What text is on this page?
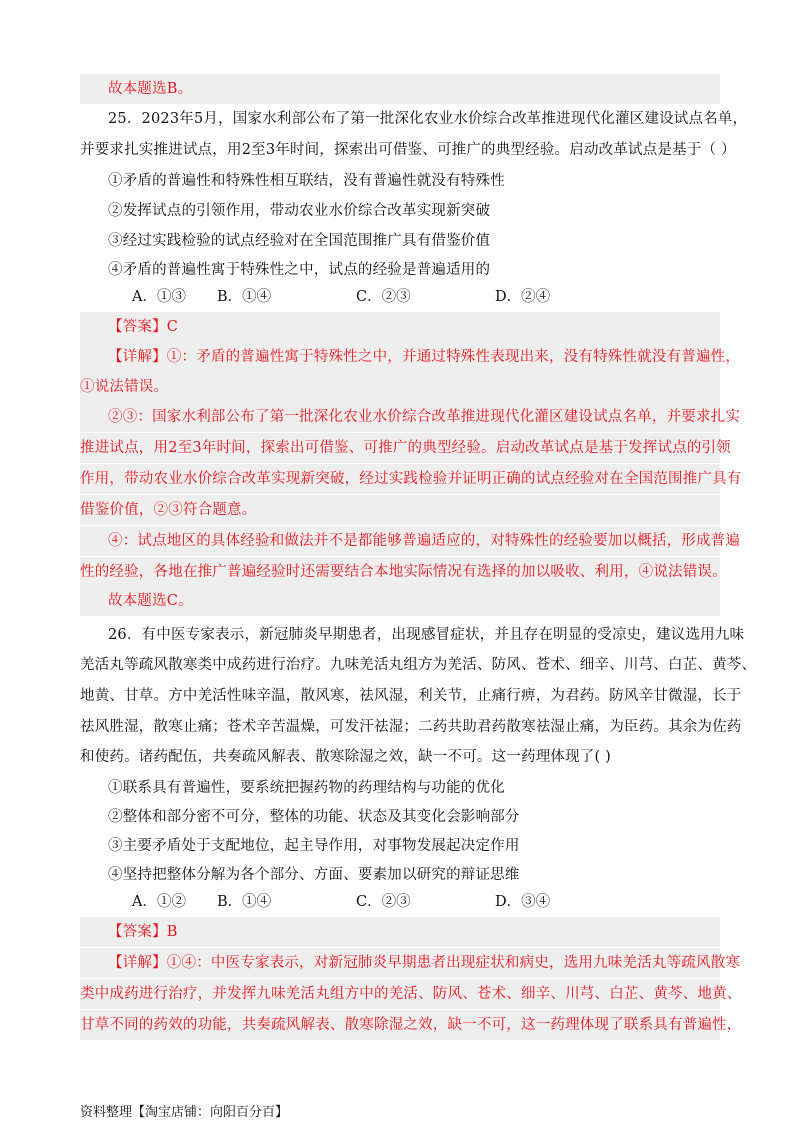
故本题选B。
25．2023年5月，国家水利部公布了第一批深化农业水价综合改革推进现代化灌区建设试点名单，
并要求扎实推进试点，用2至3年时间，探索出可借鉴、可推广的典型经验。启动改革试点是基于（ ）
①矛盾的普遍性和特殊性相互联结，没有普遍性就没有特殊性
②发挥试点的引领作用，带动农业水价综合改革实现新突破
③经过实践检验的试点经验对在全国范围推广具有借鉴价值
④矛盾的普遍性寓于特殊性之中，试点的经验是普遍适用的
A．①③ B．①④	C．②③	D．②④
【答案】C
【详解】①：矛盾的普遍性寓于特殊性之中，并通过特殊性表现出来，没有特殊性就没有普遍性，
①说法错误。
②③：国家水利部公布了第一批深化农业水价综合改革推进现代化灌区建设试点名单，并要求扎实
推进试点，用2至3年时间，探索出可借鉴、可推广的典型经验。启动改革试点是基于发挥试点的引领
作用，带动农业水价综合改革实现新突破，经过实践检验并证明正确的试点经验对在全国范围推广具有
借鉴价值，②③符合题意。
④：试点地区的具体经验和做法并不是都能够普遍适应的，对特殊性的经验要加以概括，形成普遍
性的经验，各地在推广普遍经验时还需要结合本地实际情况有选择的加以吸收、利用，④说法错误。
故本题选C。
26．有中医专家表示，新冠肺炎早期患者，出现感冒症状，并且存在明显的受凉史，建议选用九味
羌活丸等疏风散寒类中成药进行治疗。九味羌活丸组方为羌活、防风、苍术、细辛、川芎、白芷、黄芩、
地黄、甘草。方中羌活性味辛温，散风寒，祛风湿，利关节，止痛行痹，为君药。防风辛甘微湿，长于
祛风胜湿，散寒止痛；苍术辛苦温燥，可发汗祛湿；二药共助君药散寒祛湿止痛，为臣药。其余为佐药
和使药。诸药配伍，共奏疏风解表、散寒除湿之效，缺一不可。这一药理体现了( )
①联系具有普遍性，要系统把握药物的药理结构与功能的优化
②整体和部分密不可分，整体的功能、状态及其变化会影响部分
③主要矛盾处于支配地位，起主导作用，对事物发展起决定作用
④坚持把整体分解为各个部分、方面、要素加以研究的辩证思维
A．①② B．①④	C．②③	D．③④
【答案】B
【详解】①④：中医专家表示，对新冠肺炎早期患者出现症状和病史，选用九味羌活丸等疏风散寒
类中成药进行治疗，并发挥九味羌活丸组方中的羌活、防风、苍术、细辛、川芎、白芷、黄芩、地黄、
甘草不同的药效的功能，共奏疏风解表、散寒除湿之效，缺一不可，这一药理体现了联系具有普遍性，
资料整理【淘宝店铺：向阳百分百】
